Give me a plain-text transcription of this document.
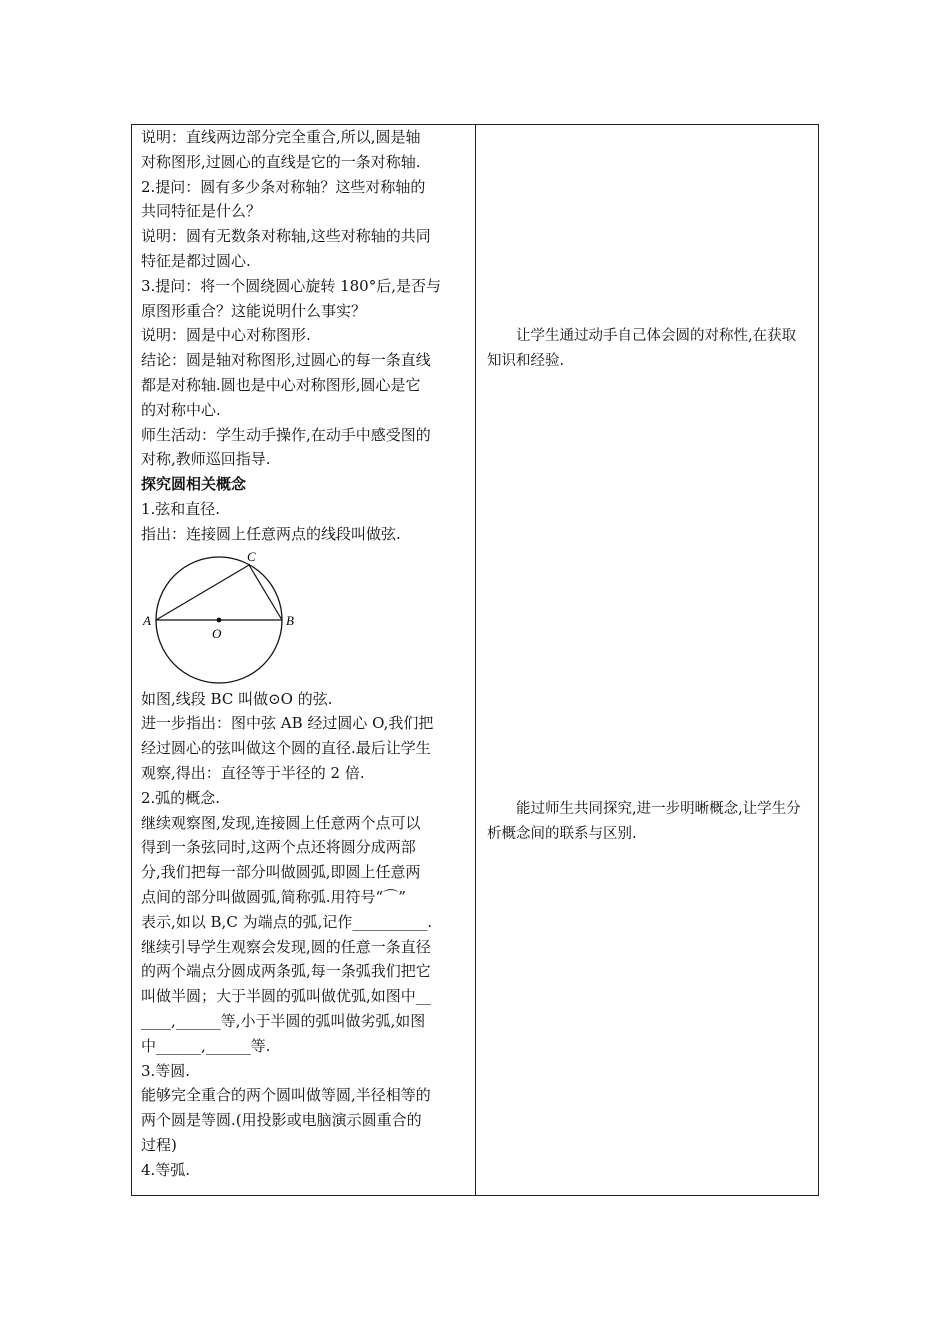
说明：直线两边部分完全重合,所以,圆是轴
对称图形,过圆心的直线是它的一条对称轴.
2.提问：圆有多少条对称轴？这些对称轴的
共同特征是什么？
说明：圆有无数条对称轴,这些对称轴的共同
特征是都过圆心.
3.提问：将一个圆绕圆心旋转 180°后,是否与
原图形重合？这能说明什么事实？
说明：圆是中心对称图形.
结论：圆是轴对称图形,过圆心的每一条直线
都是对称轴.圆也是中心对称图形,圆心是它
的对称中心.
师生活动：学生动手操作,在动手中感受图的
对称,教师巡回指导.
探究圆相关概念
1.弦和直径.
指出：连接圆上任意两点的线段叫做弦.
A	B
C
O
如图,线段 BC 叫做⊙O 的弦.
进一步指出：图中弦 AB 经过圆心 O,我们把
经过圆心的弦叫做这个圆的直径.最后让学生
观察,得出：直径等于半径的 2 倍.
2.弧的概念.
继续观察图,发现,连接圆上任意两个点可以
得到一条弦同时,这两个点还将圆分成两部
分,我们把每一部分叫做圆弧,即圆上任意两
点间的部分叫做圆弧,简称弧.用符号“⌒”
表示,如以 B,C 为端点的弧,记作__________.
继续引导学生观察会发现,圆的任意一条直径
的两个端点分圆成两条弧,每一条弧我们把它
叫做半圆；大于半圆的弧叫做优弧,如图中__
____,______等,小于半圆的弧叫做劣弧,如图
中______,______等.
3.等圆.
能够完全重合的两个圆叫做等圆,半径相等的
两个圆是等圆.(用投影或电脑演示圆重合的
过程)
4.等弧.

让学生通过动手自己体会圆的对称性,在获取知识和经验.

能过师生共同探究,进一步明晰概念,让学生分析概念间的联系与区别.
